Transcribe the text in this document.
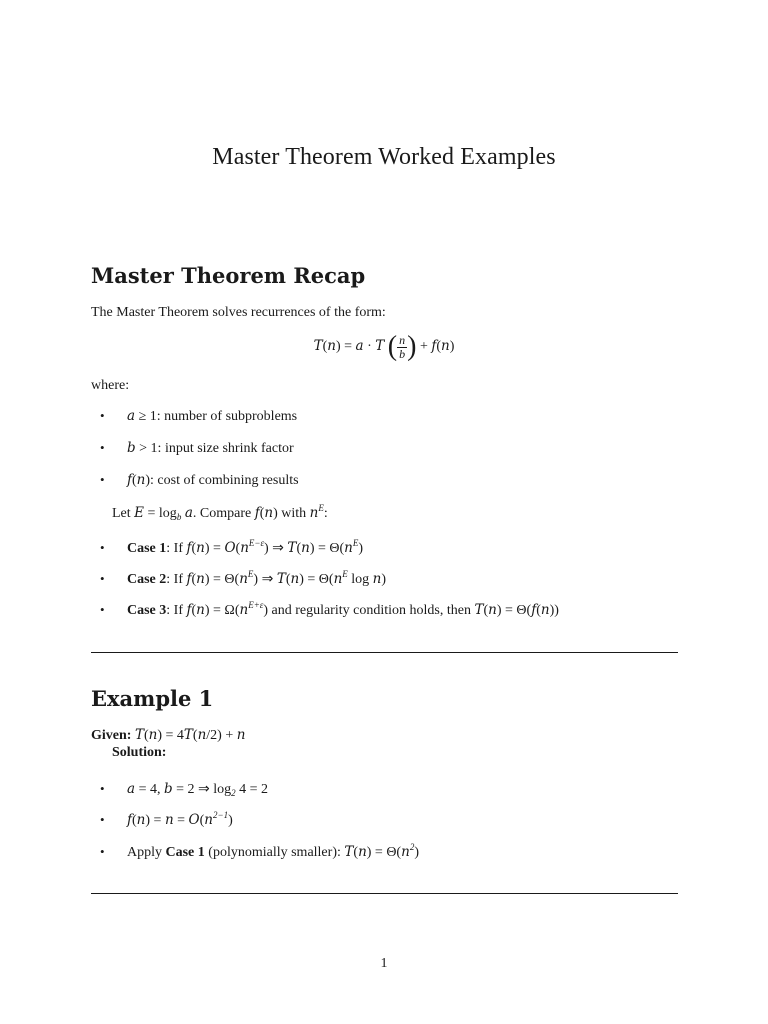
Master Theorem Worked Examples
Master Theorem Recap

The Master Theorem solves recurrences of the form:

T(n) = a · T ( $\frac{n}{b}$ ) + f(n)

where:

• a ≥ 1: number of subproblems
• b > 1: input size shrink factor
• f(n): cost of combining results

Let $E = \log_b a$. Compare f(n) with $n^E$:

• Case 1: If $f(n) = O(n^{E-\varepsilon})$ ⇒ $T(n) = \Theta(n^E)$
• Case 2: If $f(n) = \Theta(n^E)$ ⇒ $T(n) = \Theta(n^E$ log n)
• Case 3: If $f(n) = \Omega(n^{E+\varepsilon})$ and regularity condition holds, then T(n) = Θ(f(n))
Example 1

Given: T(n) = 4T(n/2) + n

Solution:

• a = 4, b = 2 ⇒ $\log_2 4 = 2$
• $f(n) = n = O(n^{2-1})$
• Apply Case 1 (polynomially smaller): $T(n) = \Theta(n^2)$
1
